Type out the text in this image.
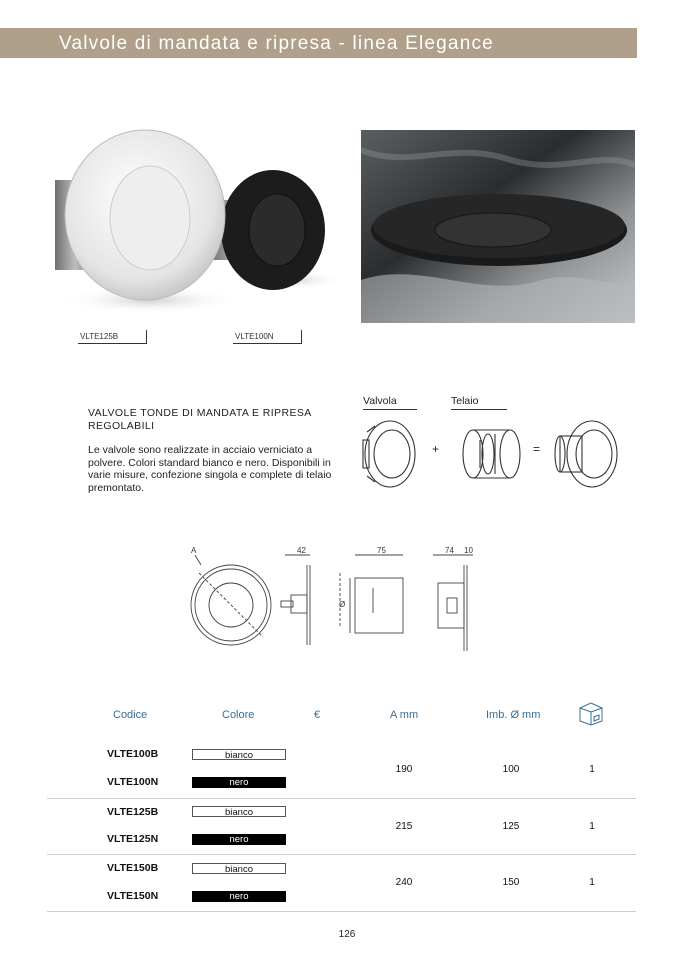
Valvole di mandata e ripresa - linea Elegance
VLTE125B	VLTE100N
VALVOLE TONDE DI MANDATA E RIPRESA REGOLABILI
Le valvole sono realizzate in acciaio verniciato a polvere. Colori standard bianco e nero. Disponibili in varie misure, confezione singola e complete di telaio premontato.
Valvola	Telaio
+	=
A	42	75	74 10
Ø
Codice	Colore	€	A mm	Imb. Ø mm
VLTE100B	bianco
VLTE100N	nero
190	100	1
VLTE125B	bianco
VLTE125N	nero
215	125	1
VLTE150B	bianco
VLTE150N	nero
240	150	1
126
